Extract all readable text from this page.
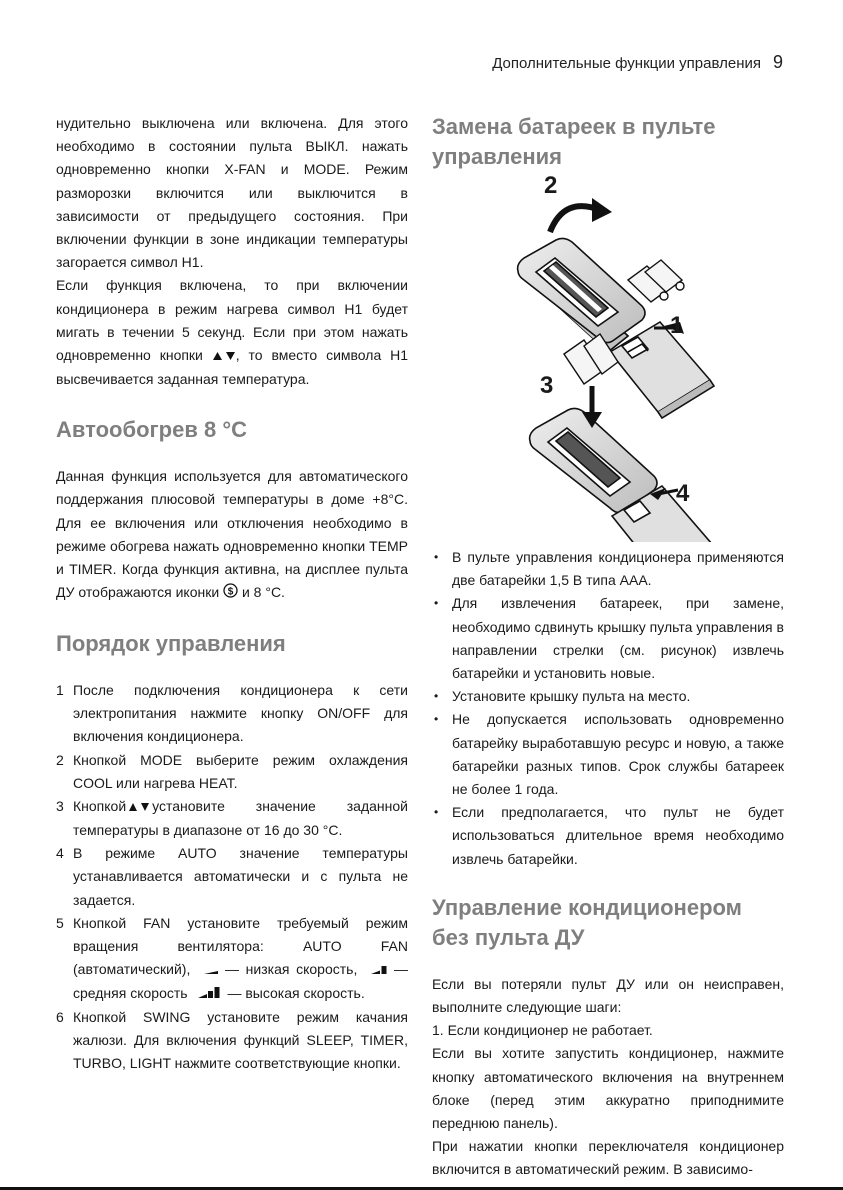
Дополнительные функции управления 9

нудительно выключена или включена. Для этого необходимо в состоянии пульта ВЫКЛ. нажать одновременно кнопки X-FAN и MODE. Режим разморозки включится или выключится в зависимости от предыдущего состояния. При включении функции в зоне индикации температуры загорается символ H1.

Если функция включена, то при включении кондиционера в режим нагрева символ H1 будет мигать в течении 5 секунд. Если при этом нажать одновременно кнопки , то вместо символа H1 высвечивается заданная температура.

Автообогрев 8 °C

Данная функция используется для автоматического поддержания плюсовой температуры в доме +8°C. Для ее включения или отключения необходимо в режиме обогрева нажать одновременно кнопки TEMP и TIMER. Когда функция активна, на дисплее пульта ДУ отображаются иконки $ и 8 °C.

Порядок управления
1 После подключения кондиционера к сети электропитания нажмите кнопку ON/OFF для включения кондиционера.
2 Кнопкой MODE выберите режим охлаждения COOL или нагрева HEAT.
3 Кнопкой установите значение заданной температуры в диапазоне от 16 до 30 °C.
4 В режиме AUTO значение температуры устанавливается автоматически и с пульта не задается.
5 Кнопкой FAN установите требуемый режим вращения вентилятора: AUTO FAN (автоматический), — низкая скорость,	— средняя скорость	— высокая скорость.
6 Кнопкой SWING установите режим качания жалюзи. Для включения функций SLEEP, TIMER, TURBO, LIGHT нажмите соответствующие кнопки.
Замена батареек в пульте управления
2
1
3
4
• В пульте управления кондиционера применяются две батарейки 1,5 В типа AAA.
• Для извлечения батареек, при замене, необходимо сдвинуть крышку пульта управления в направлении стрелки (см. рисунок) извлечь батарейки и установить новые.
• Установите крышку пульта на место.
• Не допускается использовать одновременно батарейку выработавшую ресурс и новую, а также батарейки разных типов. Срок службы батареек не более 1 года.
• Если предполагается, что пульт не будет использоваться длительное время необходимо извлечь батарейки.
Управление кондиционером без пульта ДУ

Если вы потеряли пульт ДУ или он неисправен, выполните следующие шаги:

1. Если кондиционер не работает.

Если вы хотите запустить кондиционер, нажмите кнопку автоматического включения на внутреннем блоке (перед этим аккуратно приподнимите переднюю панель).

При нажатии кнопки переключателя кондиционер включится в автоматический режим. В зависимо-
